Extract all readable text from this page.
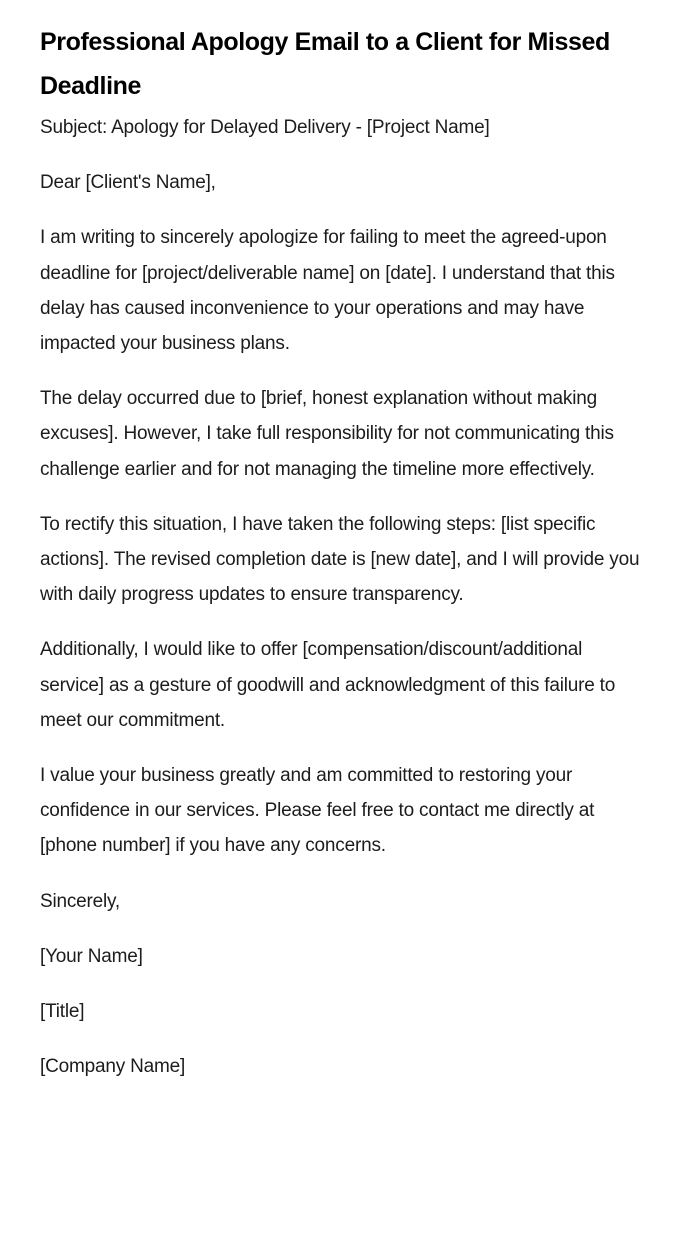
Professional Apology Email to a Client for Missed Deadline

Subject: Apology for Delayed Delivery - [Project Name]

Dear [Client's Name],

I am writing to sincerely apologize for failing to meet the agreed-upon deadline for [project/deliverable name] on [date]. I understand that this delay has caused inconvenience to your operations and may have impacted your business plans.

The delay occurred due to [brief, honest explanation without making excuses]. However, I take full responsibility for not communicating this challenge earlier and for not managing the timeline more effectively.

To rectify this situation, I have taken the following steps: [list specific actions]. The revised completion date is [new date], and I will provide you with daily progress updates to ensure transparency.

Additionally, I would like to offer [compensation/discount/additional service] as a gesture of goodwill and acknowledgment of this failure to meet our commitment.

I value your business greatly and am committed to restoring your confidence in our services. Please feel free to contact me directly at [phone number] if you have any concerns.

Sincerely,

[Your Name]

[Title]

[Company Name]
